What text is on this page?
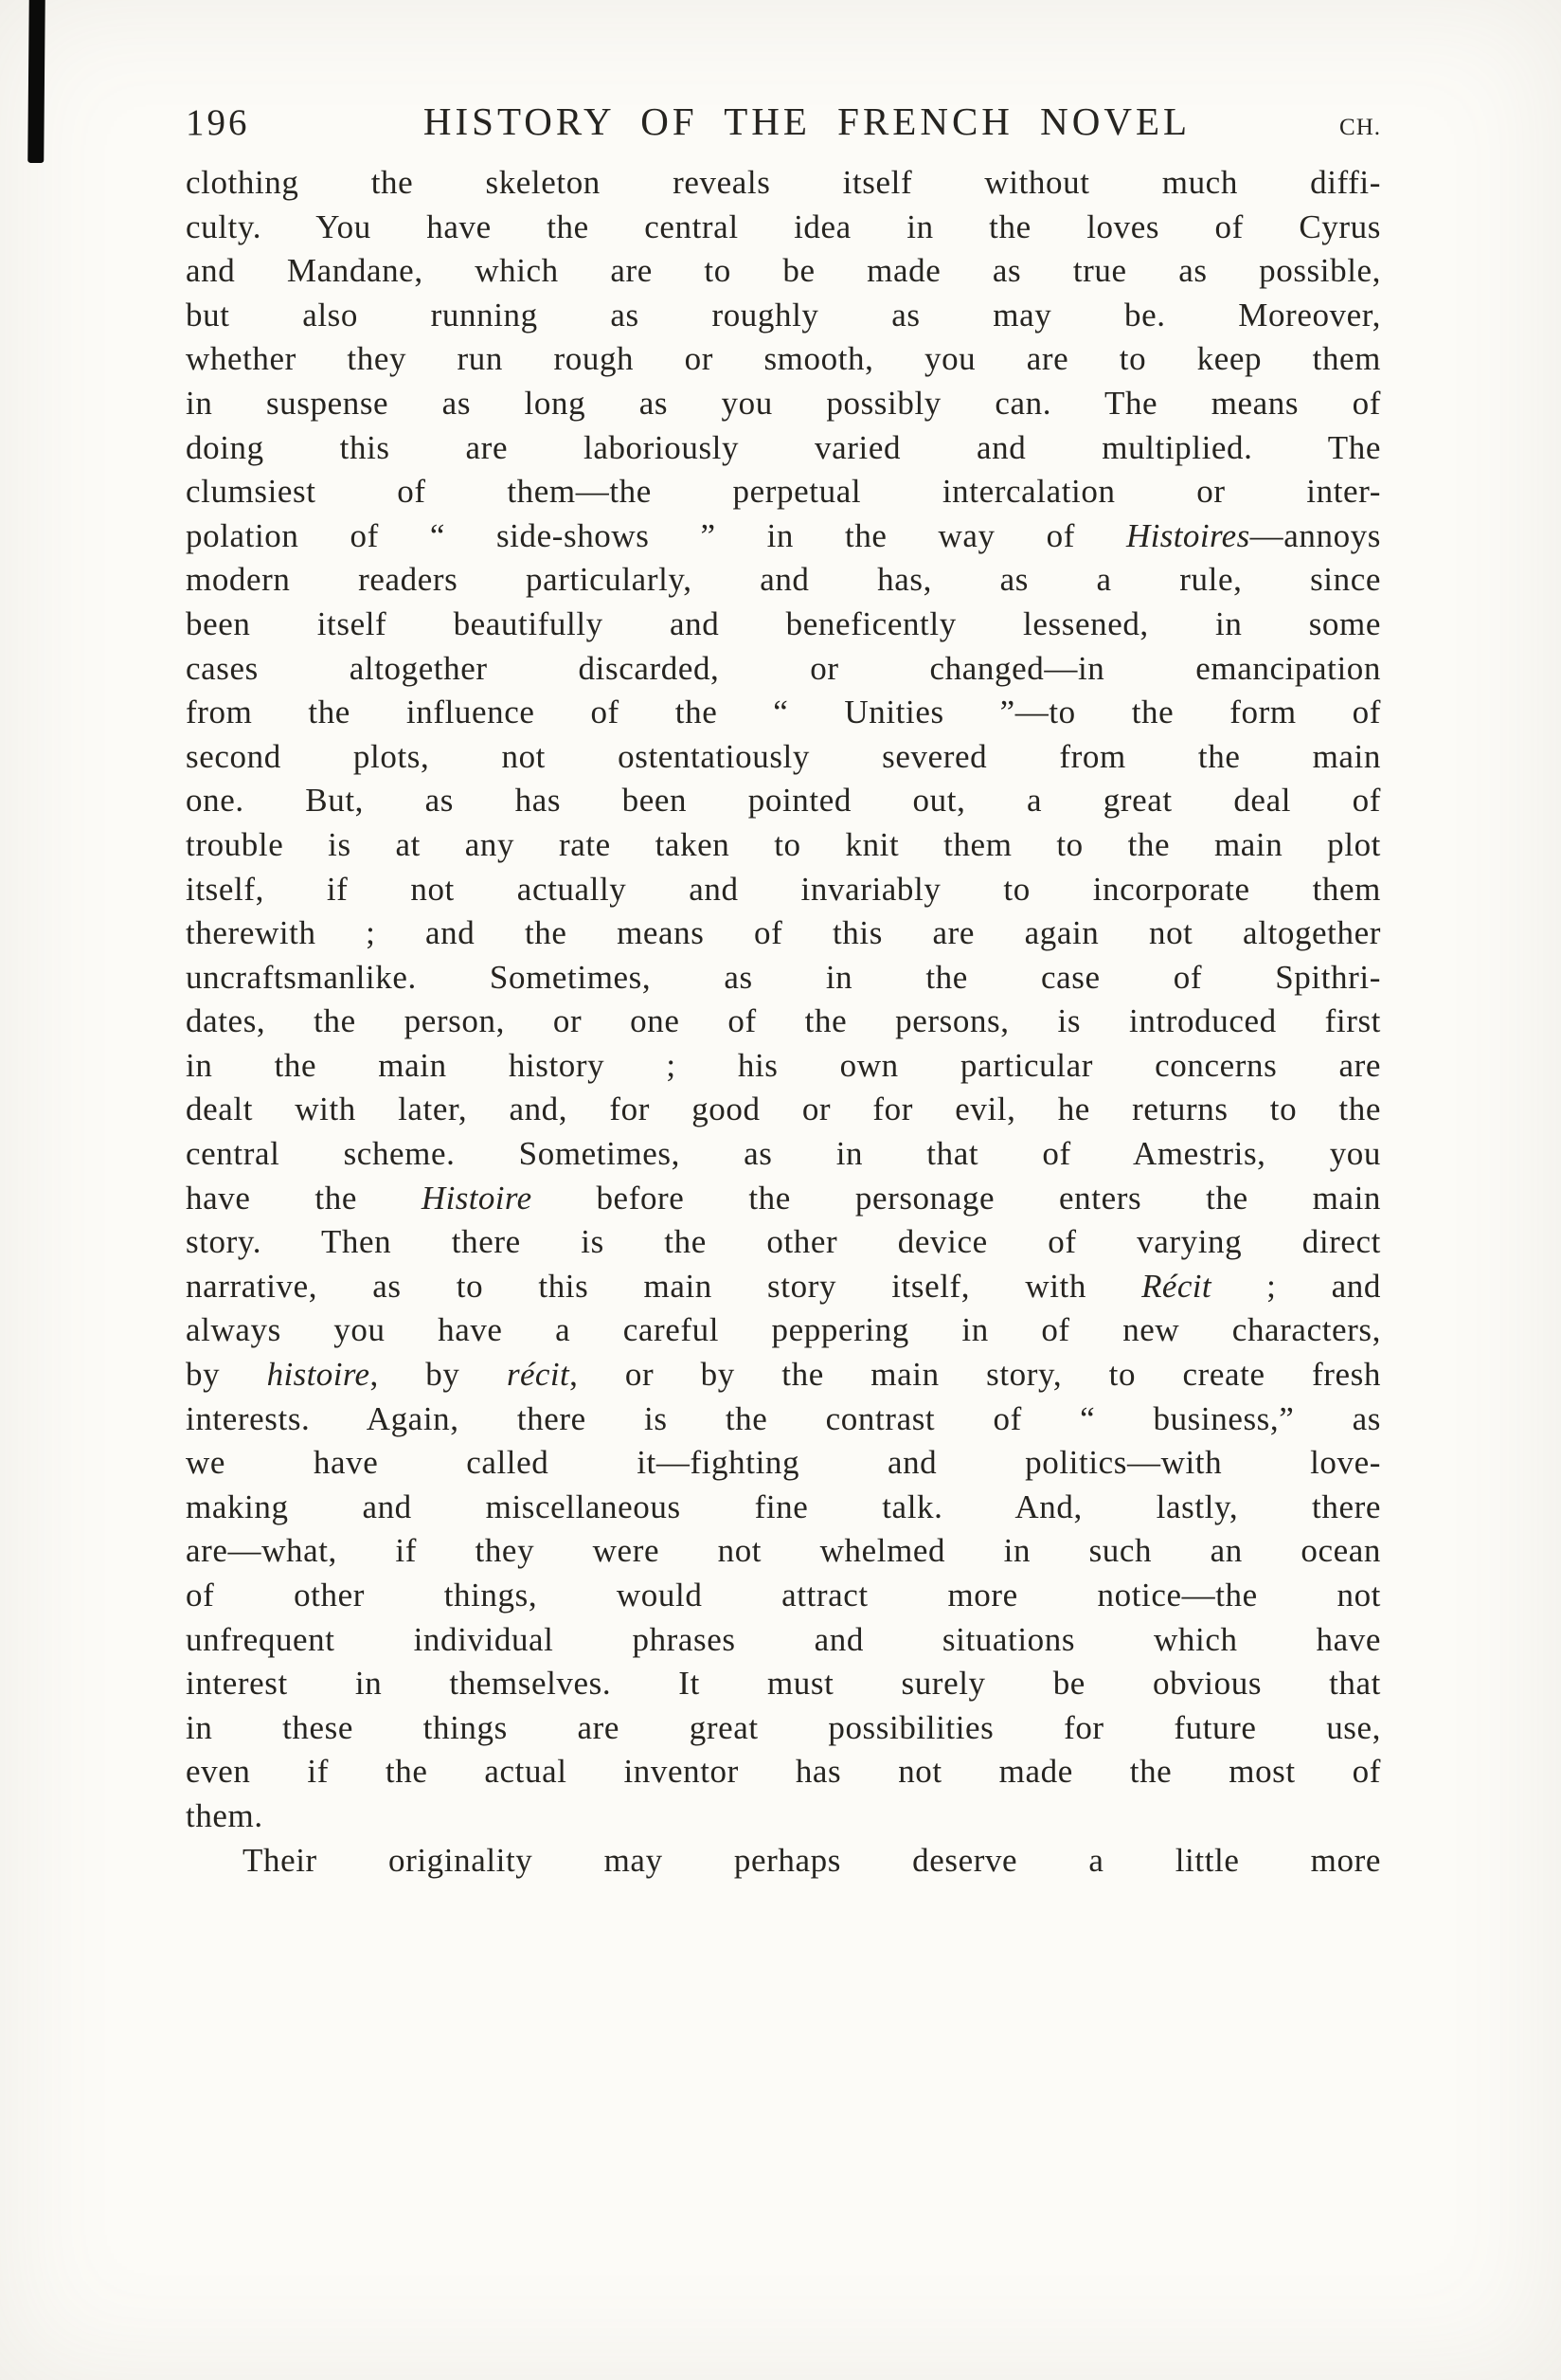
196	HISTORY OF THE FRENCH NOVEL	CH.
clothing the skeleton reveals itself without much diffi-
culty. You have the central idea in the loves of Cyrus
and Mandane, which are to be made as true as possible,
but also running as roughly as may be. Moreover,
whether they run rough or smooth, you are to keep them
in suspense as long as you possibly can. The means of
doing this are laboriously varied and multiplied. The
clumsiest of them—the perpetual intercalation or inter-
polation of “ side-shows ” in the way of Histoires—annoys
modern readers particularly, and has, as a rule, since
been itself beautifully and beneficently lessened, in some
cases altogether discarded, or changed—in emancipation
from the influence of the “ Unities ”—to the form of
second plots, not ostentatiously severed from the main
one. But, as has been pointed out, a great deal of
trouble is at any rate taken to knit them to the main plot
itself, if not actually and invariably to incorporate them
therewith ; and the means of this are again not altogether
uncraftsmanlike. Sometimes, as in the case of Spithri-
dates, the person, or one of the persons, is introduced first
in the main history ; his own particular concerns are
dealt with later, and, for good or for evil, he returns to the
central scheme. Sometimes, as in that of Amestris, you
have the Histoire before the personage enters the main
story. Then there is the other device of varying direct
narrative, as to this main story itself, with Récit ; and
always you have a careful peppering in of new characters,
by histoire, by récit, or by the main story, to create fresh
interests. Again, there is the contrast of “ business,” as
we have called it—fighting and politics—with love-
making and miscellaneous fine talk. And, lastly, there
are—what, if they were not whelmed in such an ocean
of other things, would attract more notice—the not
unfrequent individual phrases and situations which have
interest in themselves. It must surely be obvious that
in these things are great possibilities for future use,
even if the actual inventor has not made the most of
them.
Their originality may perhaps deserve a little more
